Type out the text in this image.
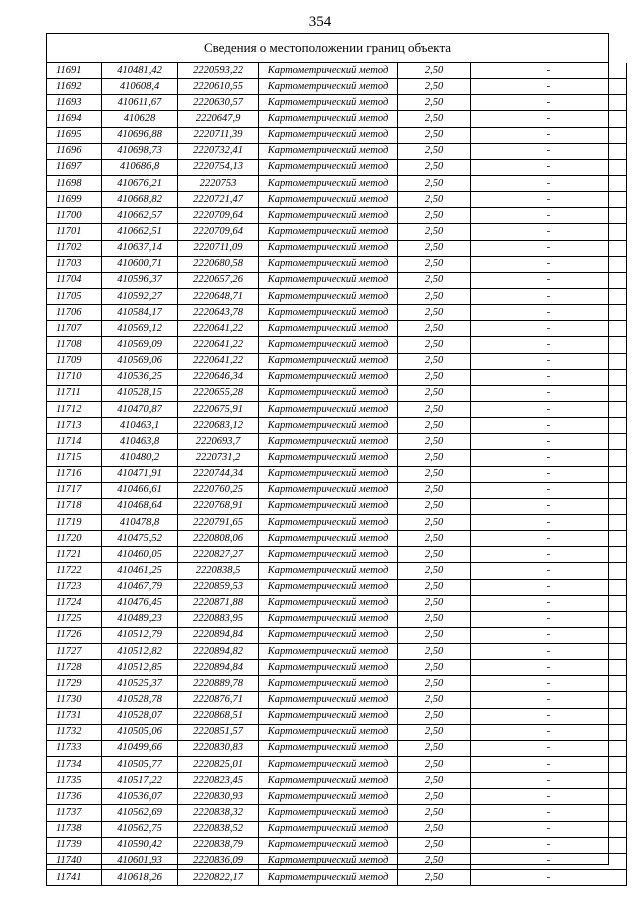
354
Сведения о местоположении границ объекта
11691	410481,42	2220593,22	Картометрический метод	2,50	-
11692	410608,4	2220610,55	Картометрический метод	2,50	-
11693	410611,67	2220630,57	Картометрический метод	2,50	-
11694	410628	2220647,9	Картометрический метод	2,50	-
11695	410696,88	2220711,39	Картометрический метод	2,50	-
11696	410698,73	2220732,41	Картометрический метод	2,50	-
11697	410686,8	2220754,13	Картометрический метод	2,50	-
11698	410676,21	2220753	Картометрический метод	2,50	-
11699	410668,82	2220721,47	Картометрический метод	2,50	-
11700	410662,57	2220709,64	Картометрический метод	2,50	-
11701	410662,51	2220709,64	Картометрический метод	2,50	-
11702	410637,14	2220711,09	Картометрический метод	2,50	-
11703	410600,71	2220680,58	Картометрический метод	2,50	-
11704	410596,37	2220657,26	Картометрический метод	2,50	-
11705	410592,27	2220648,71	Картометрический метод	2,50	-
11706	410584,17	2220643,78	Картометрический метод	2,50	-
11707	410569,12	2220641,22	Картометрический метод	2,50	-
11708	410569,09	2220641,22	Картометрический метод	2,50	-
11709	410569,06	2220641,22	Картометрический метод	2,50	-
11710	410536,25	2220646,34	Картометрический метод	2,50	-
11711	410528,15	2220655,28	Картометрический метод	2,50	-
11712	410470,87	2220675,91	Картометрический метод	2,50	-
11713	410463,1	2220683,12	Картометрический метод	2,50	-
11714	410463,8	2220693,7	Картометрический метод	2,50	-
11715	410480,2	2220731,2	Картометрический метод	2,50	-
11716	410471,91	2220744,34	Картометрический метод	2,50	-
11717	410466,61	2220760,25	Картометрический метод	2,50	-
11718	410468,64	2220768,91	Картометрический метод	2,50	-
11719	410478,8	2220791,65	Картометрический метод	2,50	-
11720	410475,52	2220808,06	Картометрический метод	2,50	-
11721	410460,05	2220827,27	Картометрический метод	2,50	-
11722	410461,25	2220838,5	Картометрический метод	2,50	-
11723	410467,79	2220859,53	Картометрический метод	2,50	-
11724	410476,45	2220871,88	Картометрический метод	2,50	-
11725	410489,23	2220883,95	Картометрический метод	2,50	-
11726	410512,79	2220894,84	Картометрический метод	2,50	-
11727	410512,82	2220894,82	Картометрический метод	2,50	-
11728	410512,85	2220894,84	Картометрический метод	2,50	-
11729	410525,37	2220889,78	Картометрический метод	2,50	-
11730	410528,78	2220876,71	Картометрический метод	2,50	-
11731	410528,07	2220868,51	Картометрический метод	2,50	-
11732	410505,06	2220851,57	Картометрический метод	2,50	-
11733	410499,66	2220830,83	Картометрический метод	2,50	-
11734	410505,77	2220825,01	Картометрический метод	2,50	-
11735	410517,22	2220823,45	Картометрический метод	2,50	-
11736	410536,07	2220830,93	Картометрический метод	2,50	-
11737	410562,69	2220838,32	Картометрический метод	2,50	-
11738	410562,75	2220838,52	Картометрический метод	2,50	-
11739	410590,42	2220838,79	Картометрический метод	2,50	-
11740	410601,93	2220836,09	Картометрический метод	2,50	-
11741	410618,26	2220822,17	Картометрический метод	2,50	-
